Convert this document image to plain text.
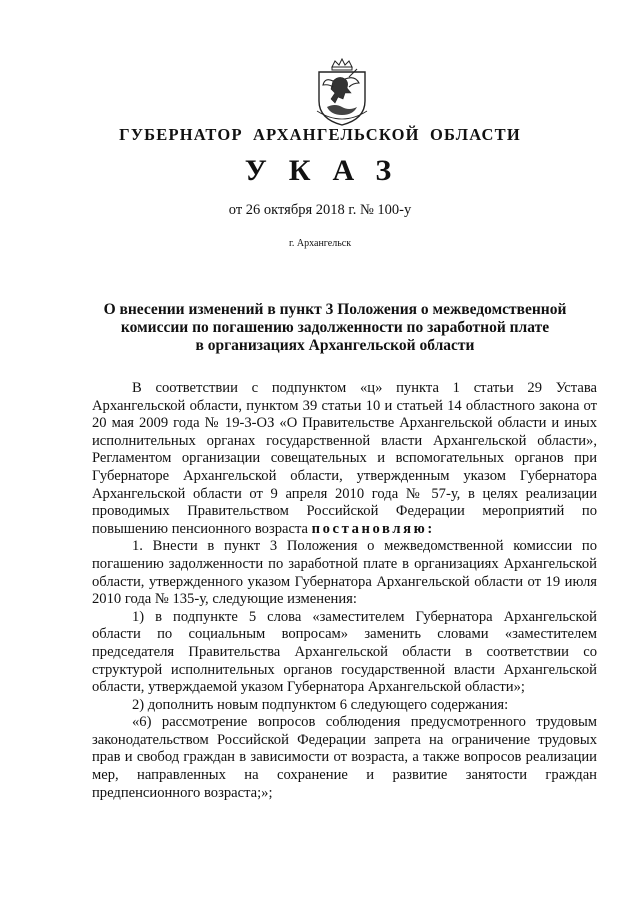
ГУБЕРНАТОР АРХАНГЕЛЬСКОЙ ОБЛАСТИ
УКАЗ
от 26 октября 2018 г. № 100-у
г. Архангельск
О внесении изменений в пункт 3 Положения о межведомственной
комиссии по погашению задолженности по заработной плате
в организациях Архангельской области

В соответствии с подпунктом «ц» пункта 1 статьи 29 Устава Архангельской области, пунктом 39 статьи 10 и статьей 14 областного закона от 20 мая 2009 года № 19-3-ОЗ «О Правительстве Архангельской области и иных исполнительных органах государственной власти Архангельской области», Регламентом организации совещательных и вспомогательных органов при Губернаторе Архангельской области, утвержденным указом Губернатора Архангельской области от 9 апреля 2010 года № 57-у, в целях реализации проводимых Правительством Российской Федерации мероприятий по повышению пенсионного возраста постановляю:

1. Внести в пункт 3 Положения о межведомственной комиссии по погашению задолженности по заработной плате в организациях Архангельской области, утвержденного указом Губернатора Архангельской области от 19 июля 2010 года № 135-у, следующие изменения:

1) в подпункте 5 слова «заместителем Губернатора Архангельской области по социальным вопросам» заменить словами «заместителем председателя Правительства Архангельской области в соответствии со структурой исполнительных органов государственной власти Архангельской области, утверждаемой указом Губернатора Архангельской области»;

2) дополнить новым подпунктом 6 следующего содержания:

«6) рассмотрение вопросов соблюдения предусмотренного трудовым законодательством Российской Федерации запрета на ограничение трудовых прав и свобод граждан в зависимости от возраста, а также вопросов реализации мер, направленных на сохранение и развитие занятости граждан предпенсионного возраста;»;
